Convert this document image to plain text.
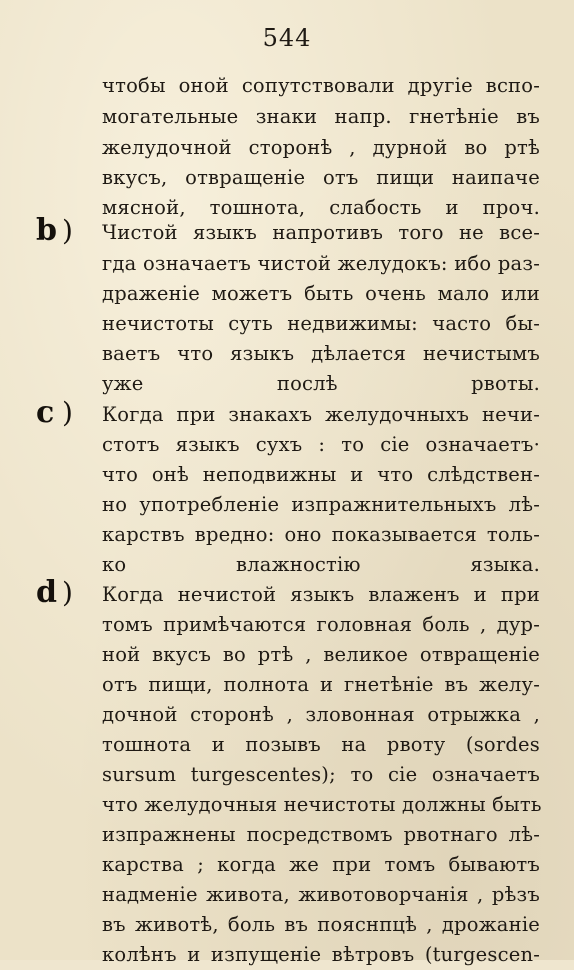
544
чтобы оной сопутствовали другіе вспо-
могательные знаки напр. гнетѣніе въ
желудочной сторонѣ , дурной во ртѣ
вкусъ, отвращеніе отъ пищи наипаче
мясной, тошнота, слабость и проч.
b ) Чистой языкъ напротивъ того не все-
гда означаетъ чистой желудокъ: ибо раз-
драженіе можетъ быть очень мало или
нечистоты суть недвижимы: часто бы-
ваетъ что языкъ дѣлается нечистымъ
уже послѣ рвоты.
c ) Когда при знакахъ желудочныхъ нечи-
стотъ языкъ сухъ : то сіе означаетъ·
что онѣ неподвижны и что слѣдствен-
но употребленіе изпражнительныхъ лѣ-
карствъ вредно: оно показывается толь-
ко влажностію языка.
d ) Когда нечистой языкъ влаженъ и при
томъ примѣчаются головная боль , дур-
ной вкусъ во ртѣ , великое отвращеніе
отъ пищи, полнота и гнетѣніе въ желу-
дочной сторонѣ , зловонная отрыжка ,
тошнота и позывъ на рвоту (sordes
sursum turgescentes); то сіе означаетъ
что желудочныя нечистоты должны быть
изпражнены посредствомъ рвотнаго лѣ-
карства ; когда же при томъ бываютъ
надменіе живота, животоворчанія , рѣзъ
въ животѣ, боль въ пояснпцѣ , дрожаніе
колѣнъ и изпущеніе вѣтровъ (turgescen-
